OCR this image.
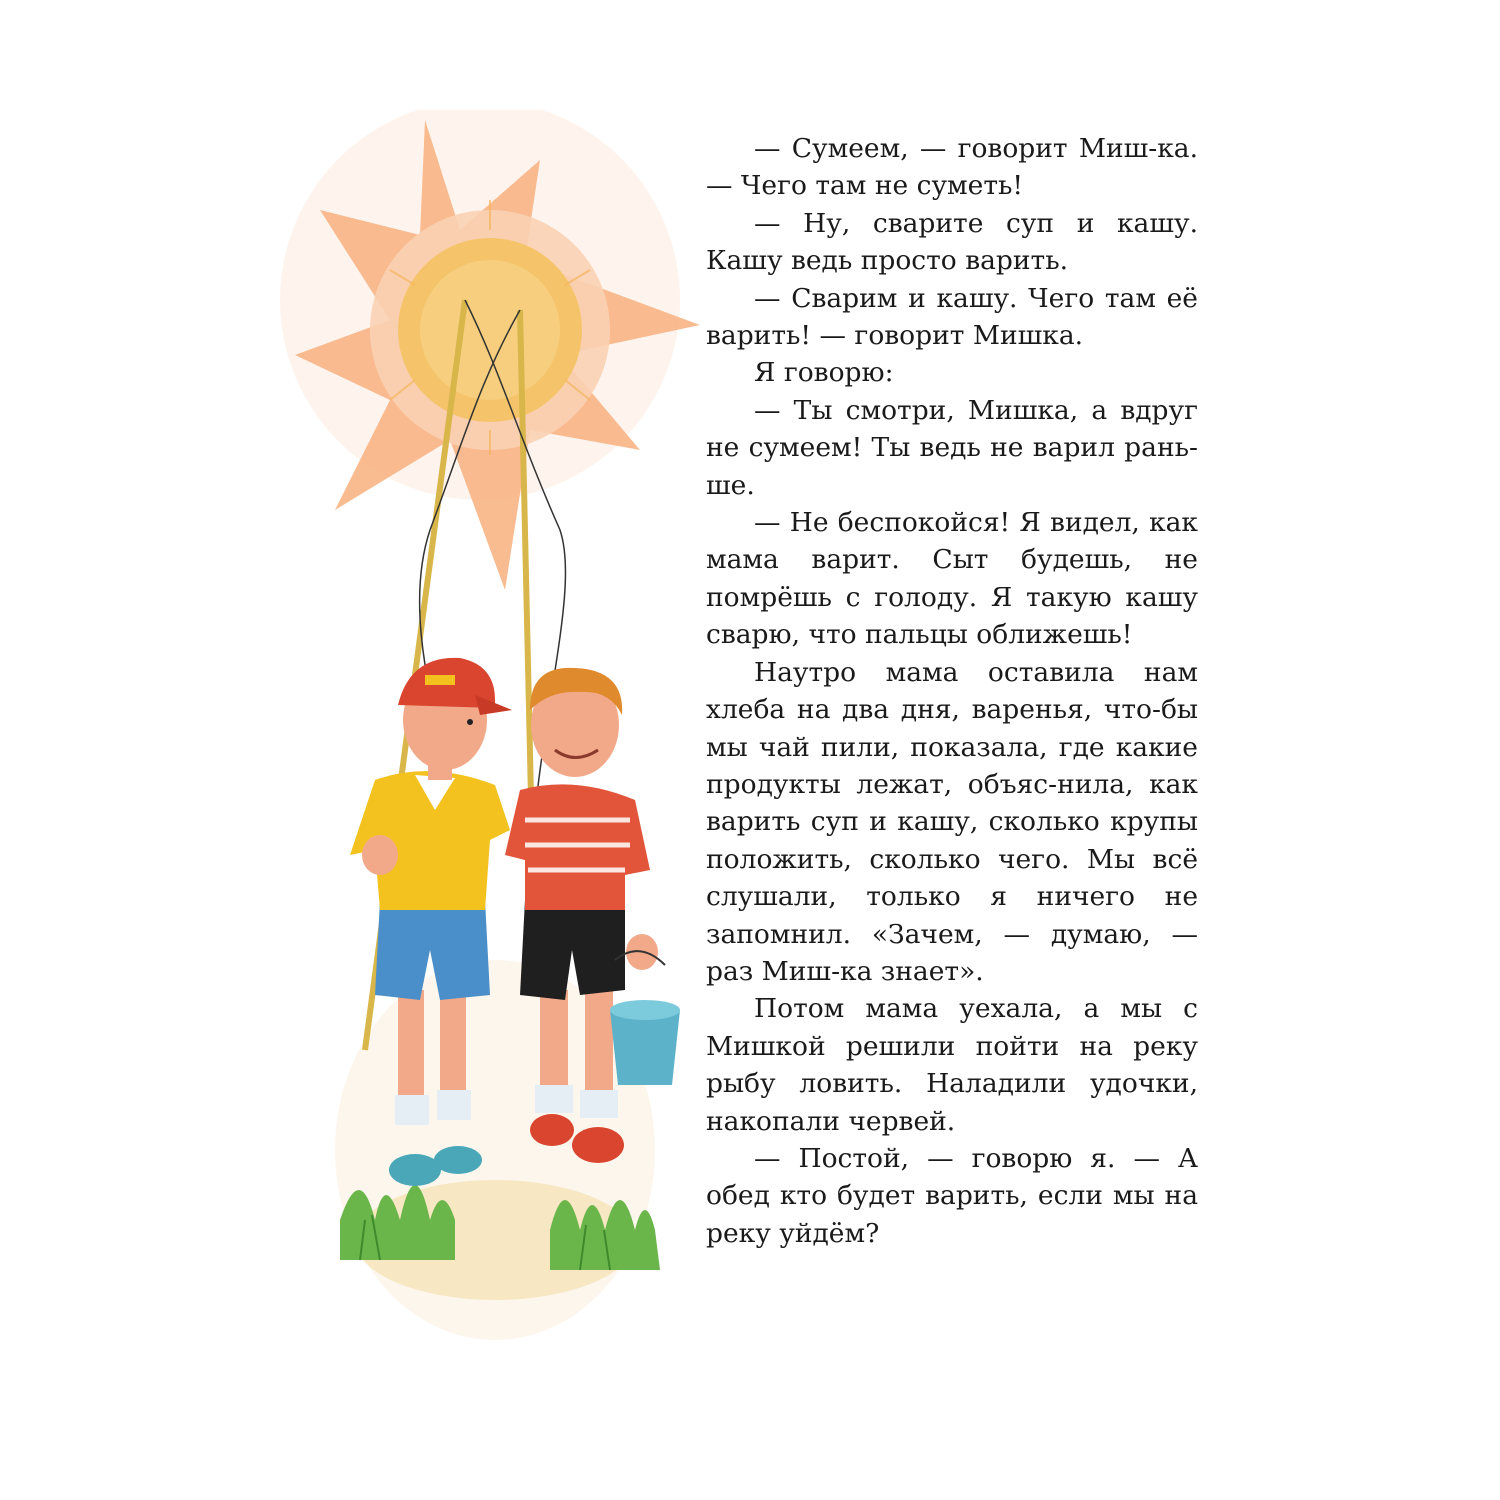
— Сумеем, — говорит Миш-ка. — Чего там не суметь!

— Ну, сварите суп и кашу. Кашу ведь просто варить.

— Сварим и кашу. Чего там её варить! — говорит Мишка.

Я говорю:

— Ты смотри, Мишка, а вдруг не сумеем! Ты ведь не варил рань-ше.

— Не беспокойся! Я видел, как мама варит. Сыт будешь, не помрёшь с голоду. Я такую кашу сварю, что пальцы оближешь!

Наутро мама оставила нам хлеба на два дня, варенья, что-бы мы чай пили, показала, где какие продукты лежат, объяс-нила, как варить суп и кашу, сколько крупы положить, сколько чего. Мы всё слушали, только я ничего не запомнил. «Зачем, — думаю, — раз Миш-ка знает».

Потом мама уехала, а мы с Мишкой решили пойти на реку рыбу ловить. Наладили удочки, накопали червей.

— Постой, — говорю я. — А обед кто будет варить, если мы на реку уйдём?
